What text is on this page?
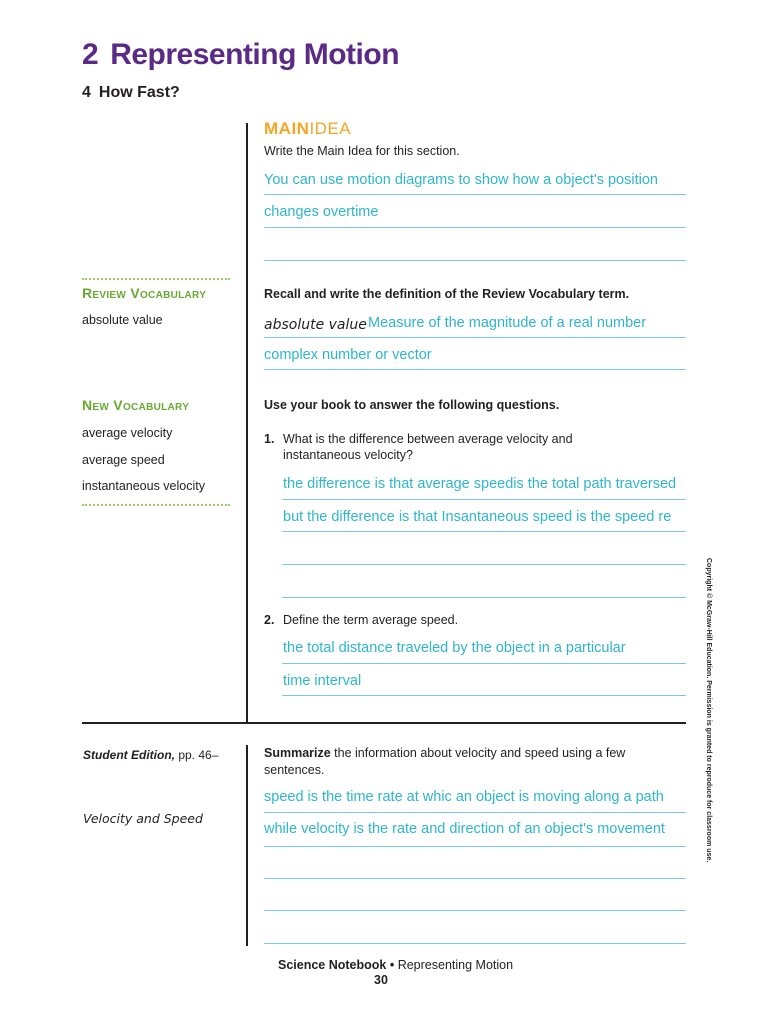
2 Representing Motion
4 How Fast?
MAINIDEA
Write the Main Idea for this section.
You can use motion diagrams to show how a object's position
changes overtime
Review Vocabulary
absolute value
Recall and write the definition of the Review Vocabulary term.
absolute value Measure of the magnitude of a real number
complex number or vector
New Vocabulary
average velocity
average speed
instantaneous velocity
Use your book to answer the following questions.
1. What is the difference between average velocity and
instantaneous velocity?
the difference is that average speedis the total path traversed
but the difference is that Insantaneous speed is the speed re
2. Define the term average speed.
the total distance traveled by the object in a particular
time interval
Student Edition, pp. 46–
Velocity and Speed
Summarize the information about velocity and speed using a few
sentences.
speed is the time rate at whic an object is moving along a path
while velocity is the rate and direction of an object's movement	Copyright © McGraw-Hill Education. Permission is granted to reproduce for classroom use.
Science Notebook • Representing Motion
30
